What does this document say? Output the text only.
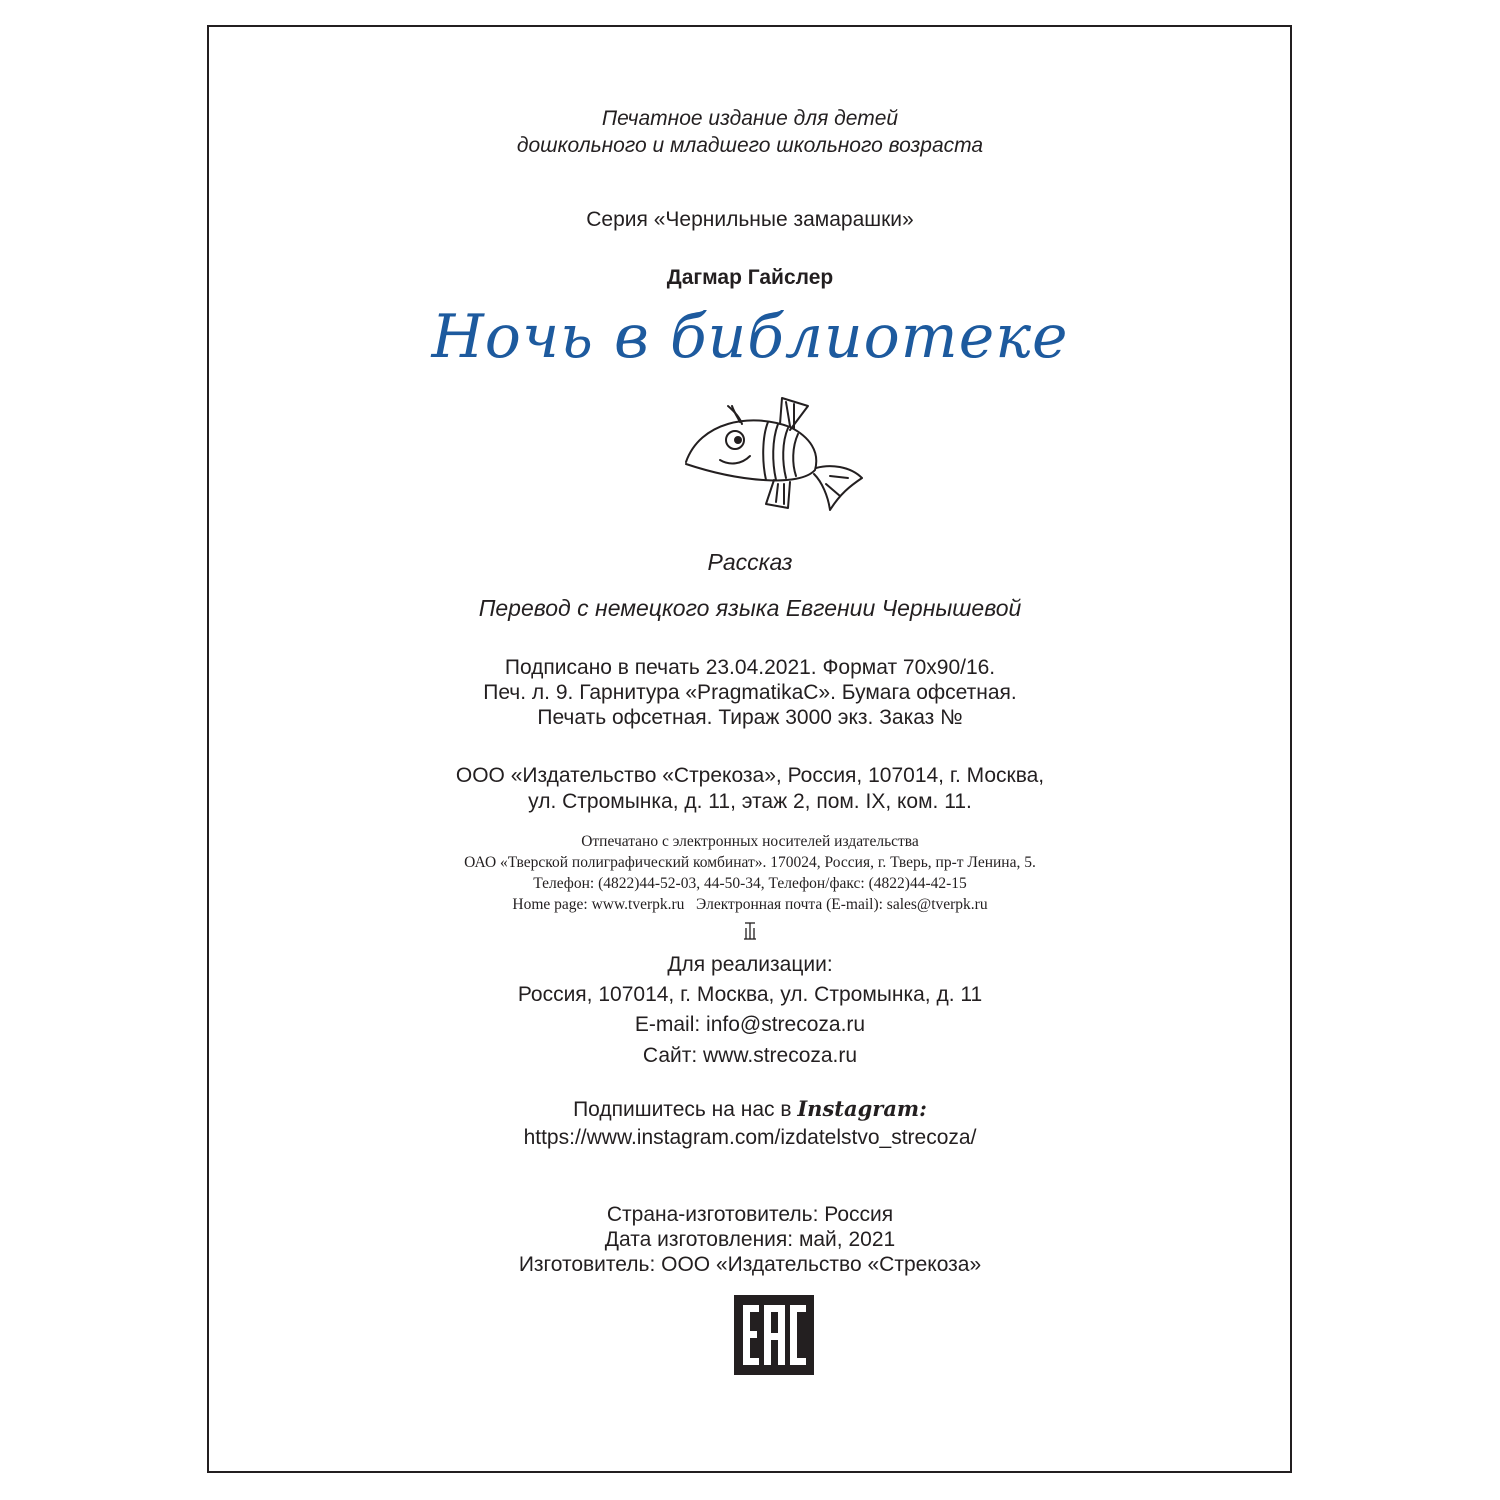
Печатное издание для детей
дошкольного и младшего школьного возраста
Серия «Чернильные замарашки»
Дагмар Гайслер
Ночь в библиотеке
Рассказ
Перевод с немецкого языка Евгении Чернышевой
Подписано в печать 23.04.2021. Формат 70x90/16.
Печ. л. 9. Гарнитура «PragmatikaC». Бумага офсетная.
Печать офсетная. Тираж 3000 экз. Заказ №
ООО «Издательство «Стрекоза», Россия, 107014, г. Москва,
ул. Стромынка, д. 11, этаж 2, пом. IX, ком. 11.
Отпечатано с электронных носителей издательства
ОАО «Тверской полиграфический комбинат». 170024, Россия, г. Тверь, пр-т Ленина, 5.
Телефон: (4822)44-52-03, 44-50-34, Телефон/факс: (4822)44-42-15
Home page: www.tverpk.ru   Электронная почта (E-mail): sales@tverpk.ru
Для реализации:
Россия, 107014, г. Москва, ул. Стромынка, д. 11
E-mail: info@strecoza.ru
Сайт: www.strecoza.ru
Подпишитесь на нас в Instagram:
https://www.instagram.com/izdatelstvo_strecoza/
Страна-изготовитель: Россия
Дата изготовления: май, 2021
Изготовитель: ООО «Издательство «Стрекоза»
